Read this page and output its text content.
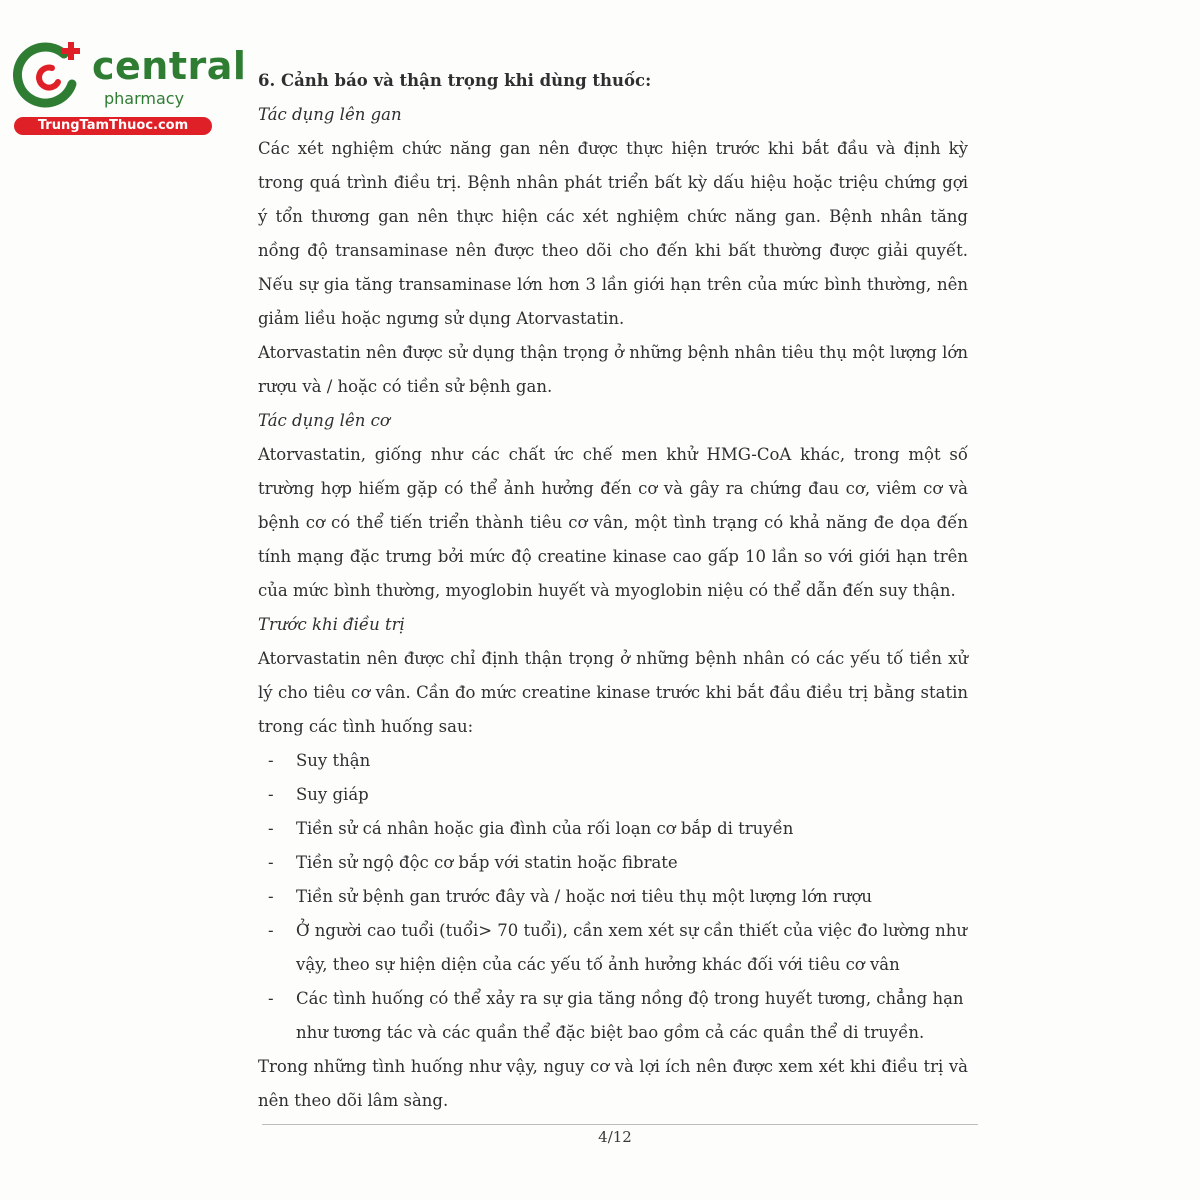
central
pharmacy
TrungTamThuoc.com

6. Cảnh báo và thận trọng khi dùng thuốc:

Tác dụng lên gan

Các xét nghiệm chức năng gan nên được thực hiện trước khi bắt đầu và định kỳ trong quá trình điều trị. Bệnh nhân phát triển bất kỳ dấu hiệu hoặc triệu chứng gợi ý tổn thương gan nên thực hiện các xét nghiệm chức năng gan. Bệnh nhân tăng nồng độ transaminase nên được theo dõi cho đến khi bất thường được giải quyết. Nếu sự gia tăng transaminase lớn hơn 3 lần giới hạn trên của mức bình thường, nên giảm liều hoặc ngưng sử dụng Atorvastatin.

Atorvastatin nên được sử dụng thận trọng ở những bệnh nhân tiêu thụ một lượng lớn rượu và / hoặc có tiền sử bệnh gan.

Tác dụng lên cơ

Atorvastatin, giống như các chất ức chế men khử HMG-CoA khác, trong một số trường hợp hiếm gặp có thể ảnh hưởng đến cơ và gây ra chứng đau cơ, viêm cơ và bệnh cơ có thể tiến triển thành tiêu cơ vân, một tình trạng có khả năng đe dọa đến tính mạng đặc trưng bởi mức độ creatine kinase cao gấp 10 lần so với giới hạn trên của mức bình thường, myoglobin huyết và myoglobin niệu có thể dẫn đến suy thận.

Trước khi điều trị

Atorvastatin nên được chỉ định thận trọng ở những bệnh nhân có các yếu tố tiền xử lý cho tiêu cơ vân. Cần đo mức creatine kinase trước khi bắt đầu điều trị bằng statin trong các tình huống sau:

- Suy thận
- Suy giáp
- Tiền sử cá nhân hoặc gia đình của rối loạn cơ bắp di truyền
- Tiền sử ngộ độc cơ bắp với statin hoặc fibrate
- Tiền sử bệnh gan trước đây và / hoặc nơi tiêu thụ một lượng lớn rượu
- Ở người cao tuổi (tuổi> 70 tuổi), cần xem xét sự cần thiết của việc đo lường như vậy, theo sự hiện diện của các yếu tố ảnh hưởng khác đối với tiêu cơ vân
- Các tình huống có thể xảy ra sự gia tăng nồng độ trong huyết tương, chẳng hạn như tương tác và các quần thể đặc biệt bao gồm cả các quần thể di truyền.

Trong những tình huống như vậy, nguy cơ và lợi ích nên được xem xét khi điều trị và nên theo dõi lâm sàng.

4/12
